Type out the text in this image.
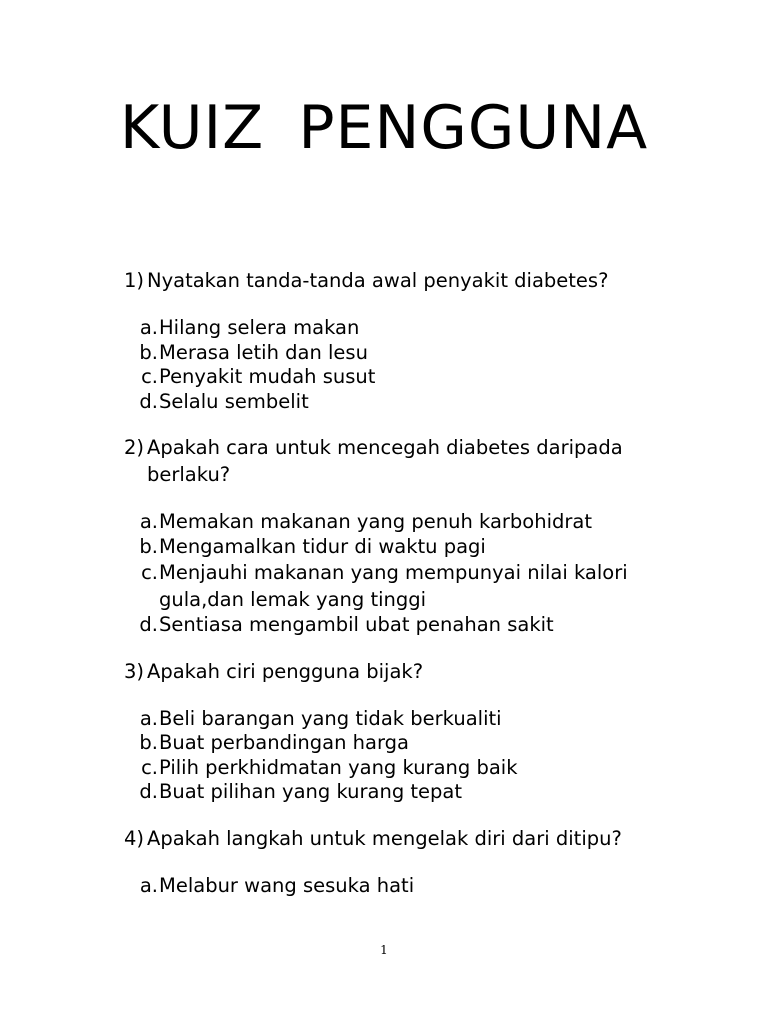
KUIZ PENGGUNA
1) Nyatakan tanda-tanda awal penyakit diabetes?
a. Hilang selera makan
b. Merasa letih dan lesu
c. Penyakit mudah susut
d. Selalu sembelit
2) Apakah cara untuk mencegah diabetes daripada berlaku?
a. Memakan makanan yang penuh karbohidrat
b. Mengamalkan tidur di waktu pagi
c. Menjauhi makanan yang mempunyai nilai kalori gula,dan lemak yang tinggi
d. Sentiasa mengambil ubat penahan sakit
3) Apakah ciri pengguna bijak?
a. Beli barangan yang tidak berkualiti
b. Buat perbandingan harga
c. Pilih perkhidmatan yang kurang baik
d. Buat pilihan yang kurang tepat
4) Apakah langkah untuk mengelak diri dari ditipu?
a. Melabur wang sesuka hati
1
